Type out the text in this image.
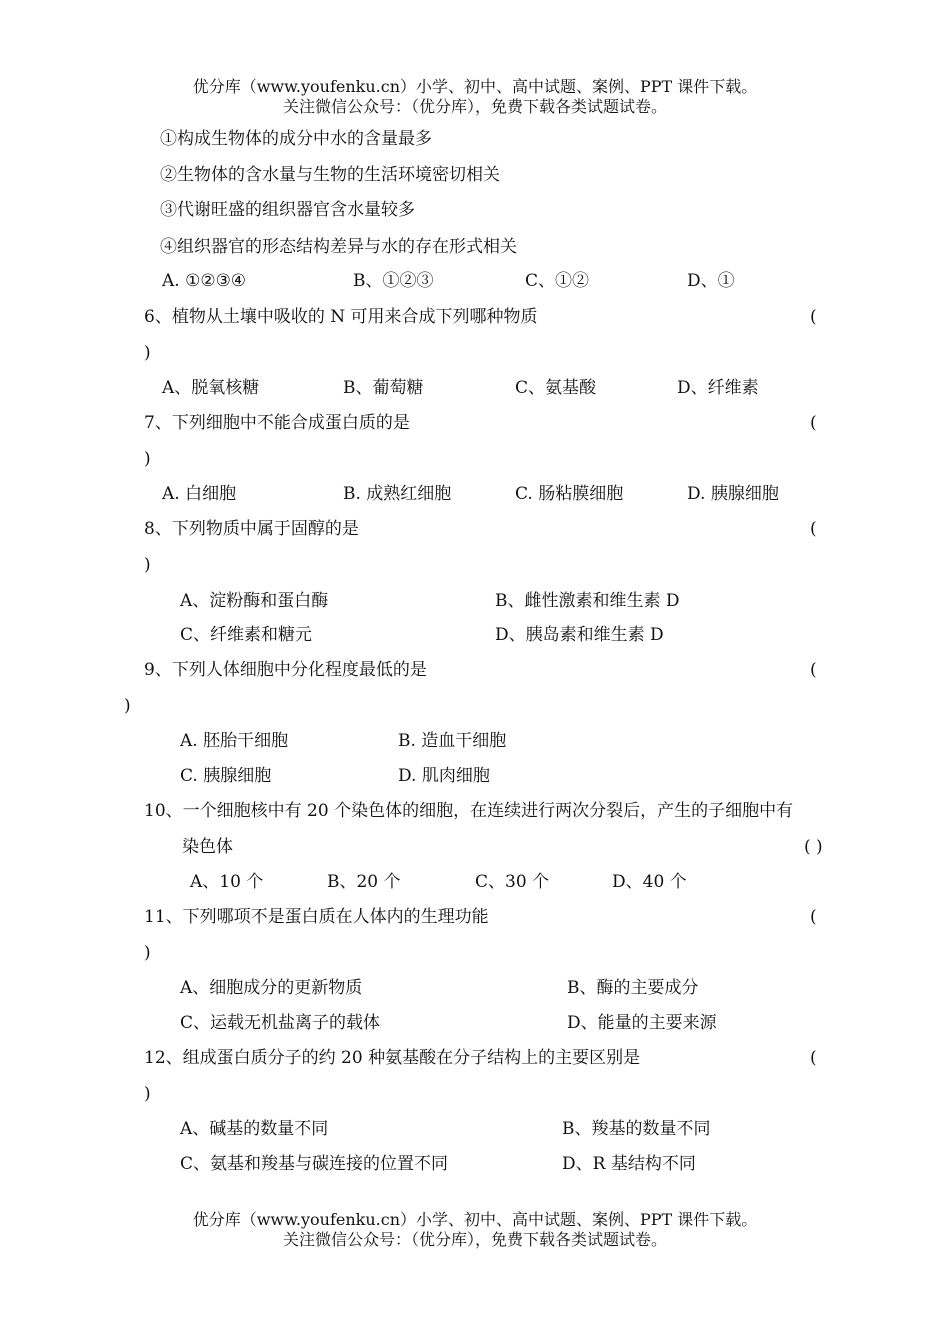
优分库（www.youfenku.cn）小学、初中、高中试题、案例、PPT 课件下载。
关注微信公众号：（优分库），免费下载各类试题试卷。
①构成生物体的成分中水的含量最多
②生物体的含水量与生物的生活环境密切相关
③代谢旺盛的组织器官含水量较多
④组织器官的形态结构差异与水的存在形式相关
A. ①②③④	B、①②③	C、①②	D、①
6、植物从土壤中吸收的 N 可用来合成下列哪种物质	(
)
A、脱氧核糖	B、葡萄糖	C、氨基酸	D、纤维素
7、下列细胞中不能合成蛋白质的是	(
)
A. 白细胞	B. 成熟红细胞	C. 肠粘膜细胞	D. 胰腺细胞
8、下列物质中属于固醇的是	(
)
A、淀粉酶和蛋白酶	B、雌性激素和维生素 D
C、纤维素和糖元	D、胰岛素和维生素 D
9、下列人体细胞中分化程度最低的是	(
)
A. 胚胎干细胞	B. 造血干细胞
C. 胰腺细胞	D. 肌肉细胞
10、一个细胞核中有 20 个染色体的细胞，在连续进行两次分裂后，产生的子细胞中有
染色体	( )
A、10 个	B、20 个	C、30 个	D、40 个
11、下列哪项不是蛋白质在人体内的生理功能	(
)
A、细胞成分的更新物质	B、酶的主要成分
C、运载无机盐离子的载体	D、能量的主要来源
12、组成蛋白质分子的约 20 种氨基酸在分子结构上的主要区别是	(
)
A、碱基的数量不同	B、羧基的数量不同
C、氨基和羧基与碳连接的位置不同	D、R 基结构不同
优分库（www.youfenku.cn）小学、初中、高中试题、案例、PPT 课件下载。
关注微信公众号：（优分库），免费下载各类试题试卷。
